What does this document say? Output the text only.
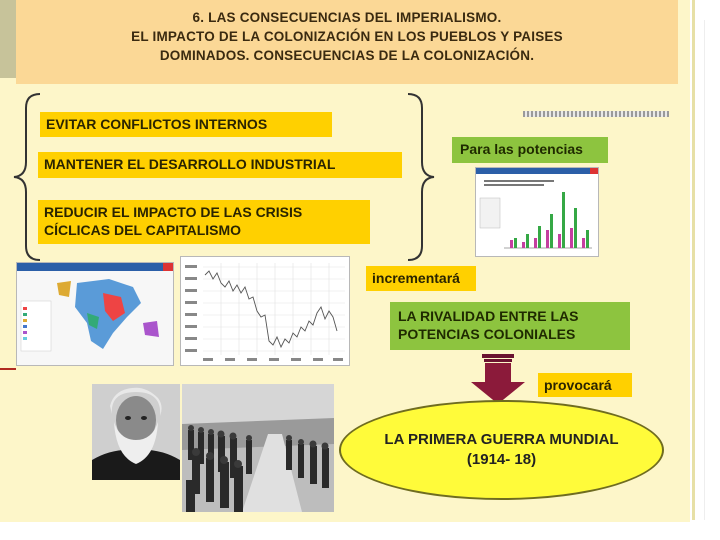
6. LAS CONSECUENCIAS DEL IMPERIALISMO.
EL IMPACTO DE LA COLONIZACIÓN EN LOS PUEBLOS Y PAISES
DOMINADOS. CONSECUENCIAS DE LA COLONIZACIÓN.
EVITAR CONFLICTOS INTERNOS
MANTENER EL DESARROLLO INDUSTRIAL
REDUCIR EL IMPACTO DE LAS CRISIS
CÍCLICAS DEL CAPITALISMO
Para las potencias
incrementará
LA RIVALIDAD ENTRE LAS
POTENCIAS COLONIALES
provocará
LA PRIMERA GUERRA MUNDIAL
(1914- 18)
